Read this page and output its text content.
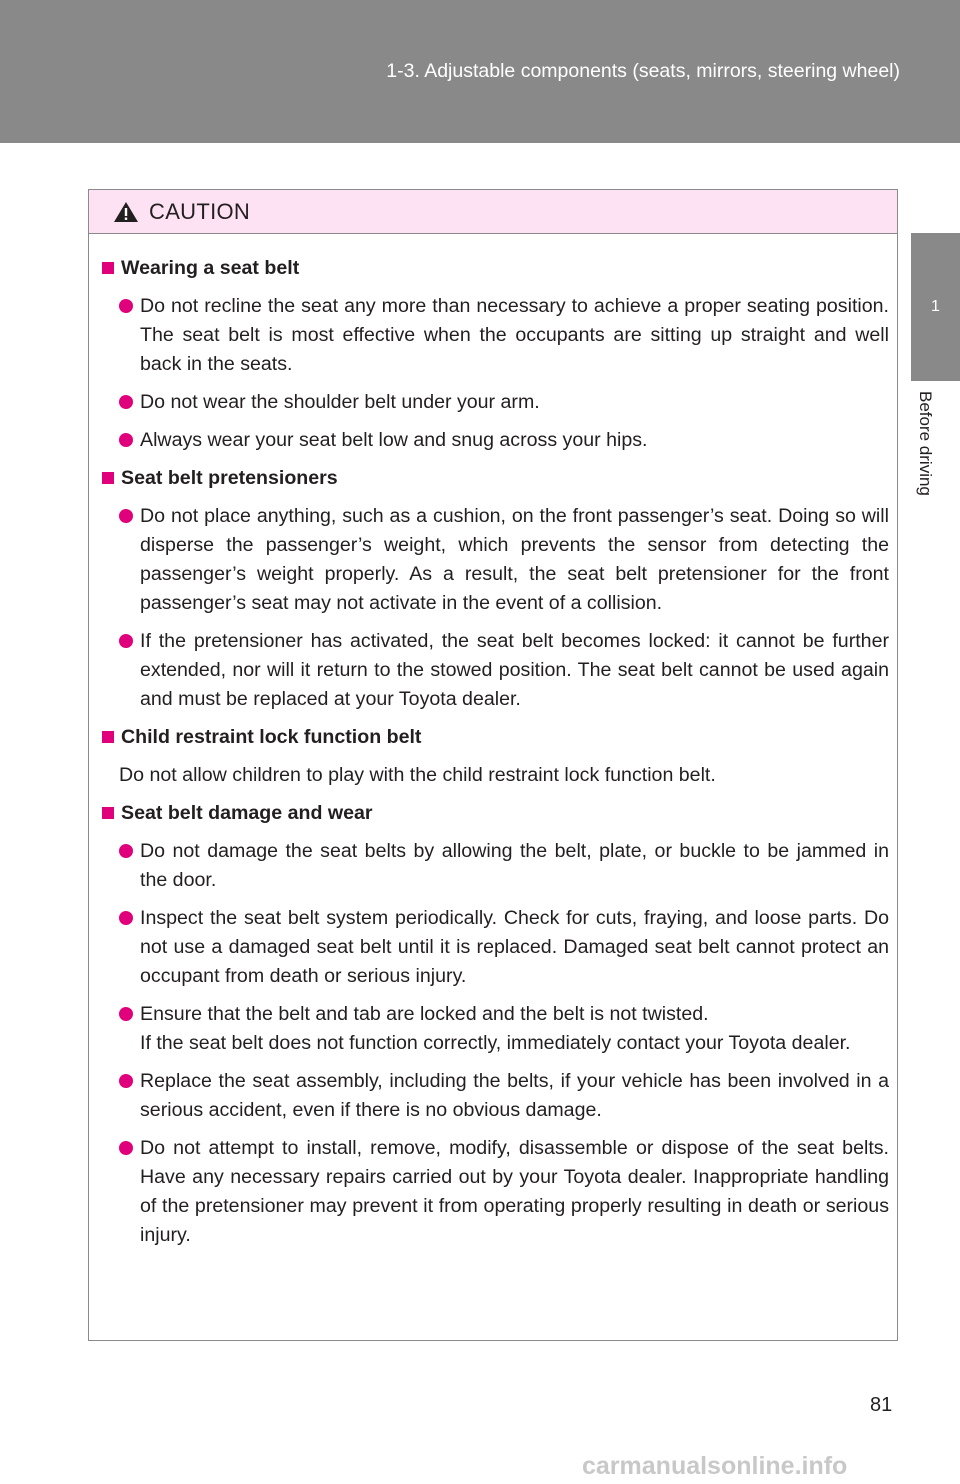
1-3. Adjustable components (seats, mirrors, steering wheel)
1
Before driving
CAUTION
Wearing a seat belt
Do not recline the seat any more than necessary to achieve a proper seating position. The seat belt is most effective when the occupants are sitting up straight and well back in the seats.
Do not wear the shoulder belt under your arm.
Always wear your seat belt low and snug across your hips.
Seat belt pretensioners
Do not place anything, such as a cushion, on the front passenger’s seat. Doing so will disperse the passenger’s weight, which prevents the sensor from detecting the passenger’s weight properly. As a result, the seat belt pretensioner for the front passenger’s seat may not activate in the event of a collision.
If the pretensioner has activated, the seat belt becomes locked: it cannot be further extended, nor will it return to the stowed position. The seat belt cannot be used again and must be replaced at your Toyota dealer.
Child restraint lock function belt
Do not allow children to play with the child restraint lock function belt.
Seat belt damage and wear
Do not damage the seat belts by allowing the belt, plate, or buckle to be jammed in the door.
Inspect the seat belt system periodically. Check for cuts, fraying, and loose parts. Do not use a damaged seat belt until it is replaced. Damaged seat belt cannot protect an occupant from death or serious injury.
Ensure that the belt and tab are locked and the belt is not twisted.
If the seat belt does not function correctly, immediately contact your Toyota dealer.
Replace the seat assembly, including the belts, if your vehicle has been involved in a serious accident, even if there is no obvious damage.
Do not attempt to install, remove, modify, disassemble or dispose of the seat belts. Have any necessary repairs carried out by your Toyota dealer. Inappropriate handling of the pretensioner may prevent it from operating properly resulting in death or serious injury.
81
carmanualsonline.info
